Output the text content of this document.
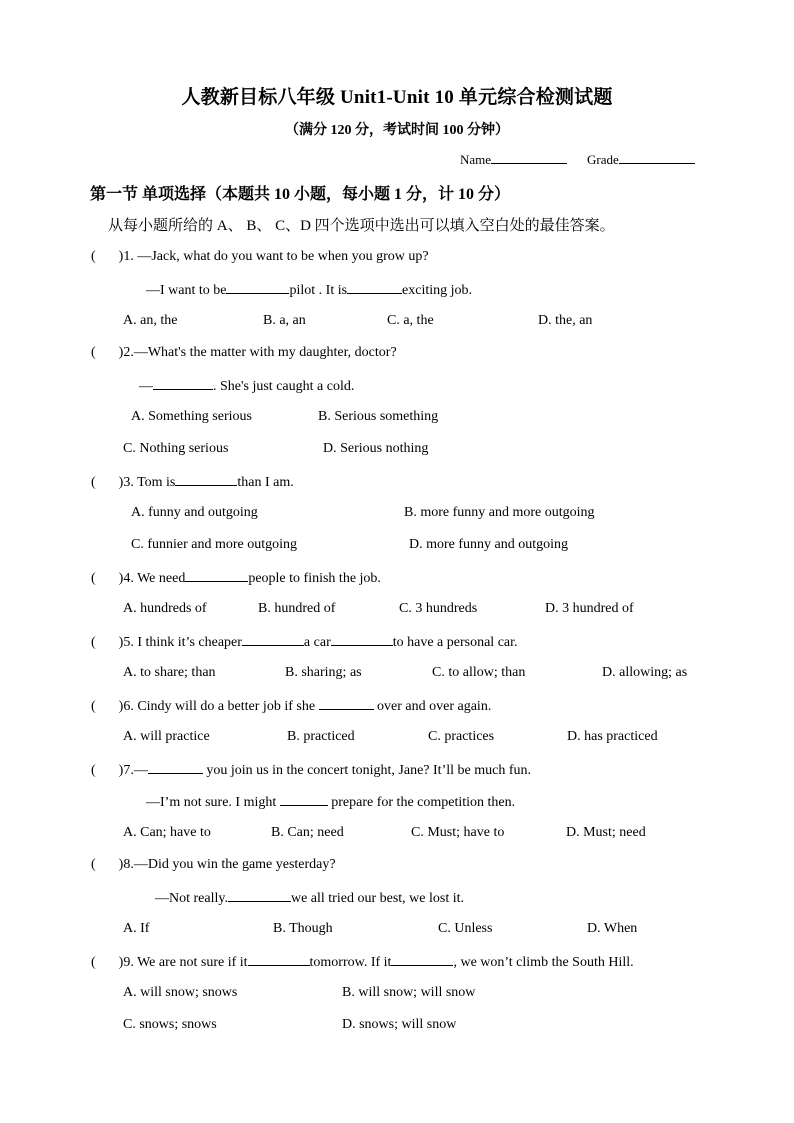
人教新目标八年级 Unit1-Unit 10 单元综合检测试题
（满分 120 分，考试时间 100 分钟）
Name	Grade
第一节 单项选择（本题共 10 小题，每小题 1 分，计 10 分）
从每小题所给的 A、 B、 C、D 四个选项中选出可以填入空白处的最佳答案。
( )1. —Jack, what do you want to be when you grow up?
—I want to be	pilot . It is	exciting job.
A. an, the	B. a, an	C. a, the	D. the, an
( )2.—What's the matter with my daughter, doctor?
—	. She's just caught a cold.
A. Something serious	B. Serious something
C. Nothing serious	D. Serious nothing
( )3. Tom is	than I am.
A. funny and outgoing	B. more funny and more outgoing
C. funnier and more outgoing	D. more funny and outgoing
( )4. We need	people to finish the job.
A. hundreds of	B. hundred of	C. 3 hundreds	D. 3 hundred of
( )5. I think it’s cheaper	a car	to have a personal car.
A. to share; than	B. sharing; as	C. to allow; than	D. allowing; as
( )6. Cindy will do a better job if she	over and over again.
A. will practice	B. practiced	C. practices	D. has practiced
( )7.—	you join us in the concert tonight, Jane? It’ll be much fun.
—I’m not sure. I might	prepare for the competition then.
A. Can; have to	B. Can; need	C. Must; have to	D. Must; need
( )8.—Did you win the game yesterday?
—Not really.	we all tried our best, we lost it.
A. If	B. Though	C. Unless	D. When
( )9. We are not sure if it	tomorrow. If it	, we won’t climb the South Hill.
A. will snow; snows	B. will snow; will snow
C. snows; snows	D. snows; will snow
